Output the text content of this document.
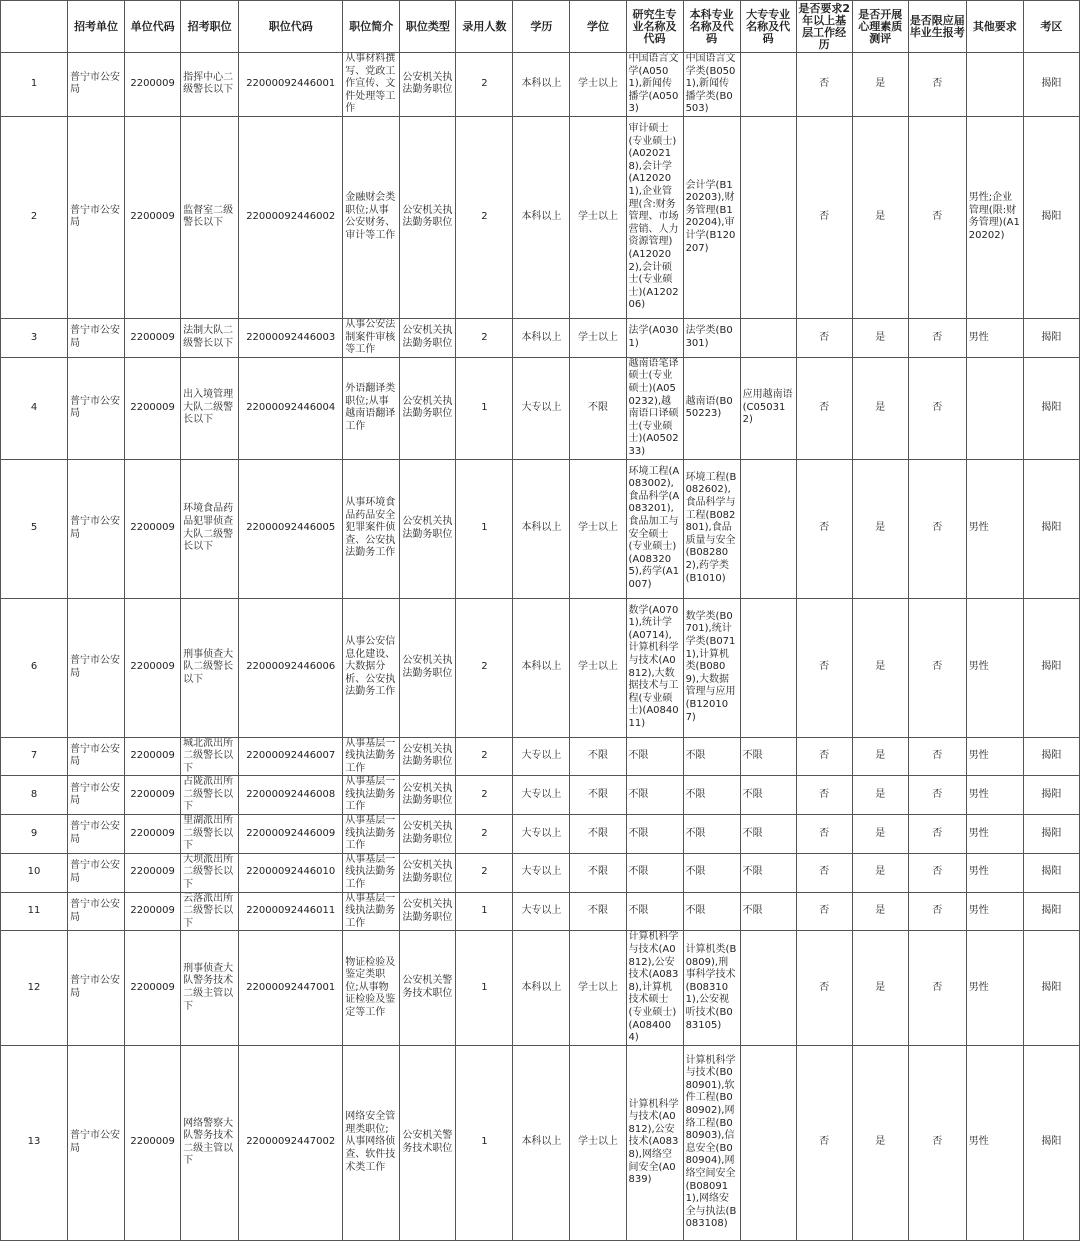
	招考单位	单位代码	招考职位	职位代码	职位简介	职位类型	录用人数	学历	学位	研究生专业名称及代码	本科专业名称及代码	大专专业名称及代码	是否要求2年以上基层工作经历	是否开展心理素质测评	是否限应届毕业生报考	其他要求	考区
1	普宁市公安局	2200009	指挥中心二级警长以下	22000092446001	从事材料撰写、党政工作宣传、文件处理等工作	公安机关执法勤务职位	2	本科以上	学士以上	中国语言文学(A0501),新闻传播学(A0503)	中国语言文学类(B0501),新闻传播学类(B0503)		否	是	否		揭阳
2	普宁市公安局	2200009	监督室二级警长以下	22000092446002	金融财会类职位;从事公安财务、审计等工作	公安机关执法勤务职位	2	本科以上	学士以上	审计硕士(专业硕士)(A020218),会计学(A120201),企业管理(含:财务管理、市场营销、人力资源管理)(A120202),会计硕士(专业硕士)(A120206)	会计学(B120203),财务管理(B120204),审计学(B120207)		否	是	否	男性;企业管理(限:财务管理)(A120202)	揭阳
3	普宁市公安局	2200009	法制大队二级警长以下	22000092446003	从事公安法制案件审核等工作	公安机关执法勤务职位	2	本科以上	学士以上	法学(A0301)	法学类(B0301)		否	是	否	男性	揭阳
4	普宁市公安局	2200009	出入境管理大队二级警长以下	22000092446004	外语翻译类职位;从事越南语翻译工作	公安机关执法勤务职位	1	大专以上	不限	越南语笔译硕士(专业硕士)(A050232),越南语口译硕士(专业硕士)(A050233)	越南语(B050223)	应用越南语(C050312)	否	是	否		揭阳
5	普宁市公安局	2200009	环境食品药品犯罪侦查大队二级警长以下	22000092446005	从事环境食品药品安全犯罪案件侦查、公安执法勤务工作	公安机关执法勤务职位	1	本科以上	学士以上	环境工程(A083002),食品科学(A083201),食品加工与安全硕士(专业硕士)(A083205),药学(A1007)	环境工程(B082602),食品科学与工程(B082801),食品质量与安全(B082802),药学类(B1010)		否	是	否	男性	揭阳
6	普宁市公安局	2200009	刑事侦查大队二级警长以下	22000092446006	从事公安信息化建设、大数据分析、公安执法勤务工作	公安机关执法勤务职位	2	本科以上	学士以上	数学(A0701),统计学(A0714),计算机科学与技术(A0812),大数据技术与工程(专业硕士)(A084011)	数学类(B0701),统计学类(B0711),计算机类(B0809),大数据管理与应用(B120107)		否	是	否	男性	揭阳
7	普宁市公安局	2200009	城北派出所二级警长以下	22000092446007	从事基层一线执法勤务工作	公安机关执法勤务职位	2	大专以上	不限	不限	不限	不限	否	是	否	男性	揭阳
8	普宁市公安局	2200009	占陇派出所二级警长以下	22000092446008	从事基层一线执法勤务工作	公安机关执法勤务职位	2	大专以上	不限	不限	不限	不限	否	是	否	男性	揭阳
9	普宁市公安局	2200009	里湖派出所二级警长以下	22000092446009	从事基层一线执法勤务工作	公安机关执法勤务职位	2	大专以上	不限	不限	不限	不限	否	是	否	男性	揭阳
10	普宁市公安局	2200009	大坝派出所二级警长以下	22000092446010	从事基层一线执法勤务工作	公安机关执法勤务职位	2	大专以上	不限	不限	不限	不限	否	是	否	男性	揭阳
11	普宁市公安局	2200009	云落派出所二级警长以下	22000092446011	从事基层一线执法勤务工作	公安机关执法勤务职位	1	大专以上	不限	不限	不限	不限	否	是	否	男性	揭阳
12	普宁市公安局	2200009	刑事侦查大队警务技术二级主管以下	22000092447001	物证检验及鉴定类职位;从事物证检验及鉴定等工作	公安机关警务技术职位	1	本科以上	学士以上	计算机科学与技术(A0812),公安技术(A0838),计算机技术硕士(专业硕士)(A084004)	计算机类(B0809),刑事科学技术(B083101),公安视听技术(B083105)		否	是	否	男性	揭阳
13	普宁市公安局	2200009	网络警察大队警务技术二级主管以下	22000092447002	网络安全管理类职位;从事网络侦查、软件技术类工作	公安机关警务技术职位	1	本科以上	学士以上	计算机科学与技术(A0812),公安技术(A0838),网络空间安全(A0839)	计算机科学与技术(B080901),软件工程(B080902),网络工程(B080903),信息安全(B080904),网络空间安全(B080911),网络安全与执法(B083108)		否	是	否	男性	揭阳
